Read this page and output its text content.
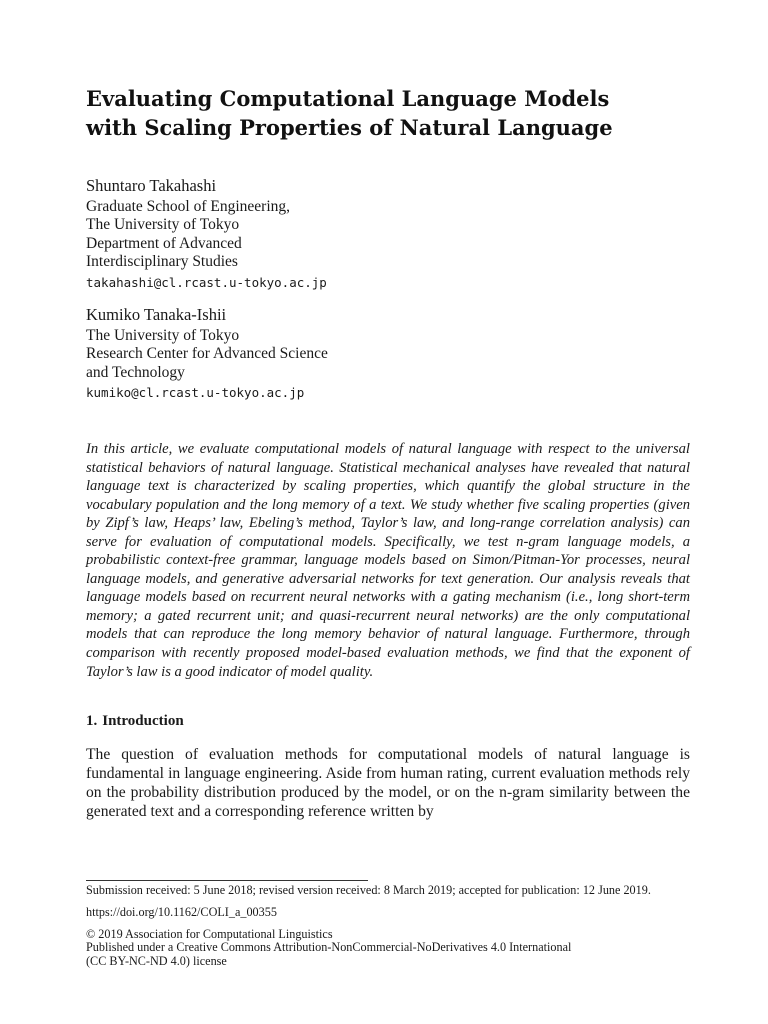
Evaluating Computational Language Models
with Scaling Properties of Natural Language
Shuntaro Takahashi
Graduate School of Engineering,
The University of Tokyo
Department of Advanced
Interdisciplinary Studies
takahashi@cl.rcast.u-tokyo.ac.jp
Kumiko Tanaka-Ishii
The University of Tokyo
Research Center for Advanced Science
and Technology
kumiko@cl.rcast.u-tokyo.ac.jp

In this article, we evaluate computational models of natural language with respect to the universal statistical behaviors of natural language. Statistical mechanical analyses have revealed that natural language text is characterized by scaling properties, which quantify the global structure in the vocabulary population and the long memory of a text. We study whether five scaling properties (given by Zipf’s law, Heaps’ law, Ebeling’s method, Taylor’s law, and long-range correlation analysis) can serve for evaluation of computational models. Specifically, we test n-gram language models, a probabilistic context-free grammar, language models based on Simon/Pitman-Yor processes, neural language models, and generative adversarial networks for text generation. Our analysis reveals that language models based on recurrent neural networks with a gating mechanism (i.e., long short-term memory; a gated recurrent unit; and quasi-recurrent neural networks) are the only computational models that can reproduce the long memory behavior of natural language. Furthermore, through comparison with recently proposed model-based evaluation methods, we find that the exponent of Taylor’s law is a good indicator of model quality.

1. Introduction

The question of evaluation methods for computational models of natural language is fundamental in language engineering. Aside from human rating, current evaluation methods rely on the probability distribution produced by the model, or on the n-gram similarity between the generated text and a corresponding reference written by

Submission received: 5 June 2018; revised version received: 8 March 2019; accepted for publication: 12 June 2019.

https://doi.org/10.1162/COLI_a_00355

© 2019 Association for Computational Linguistics

Published under a Creative Commons Attribution-NonCommercial-NoDerivatives 4.0 International

(CC BY-NC-ND 4.0) license
